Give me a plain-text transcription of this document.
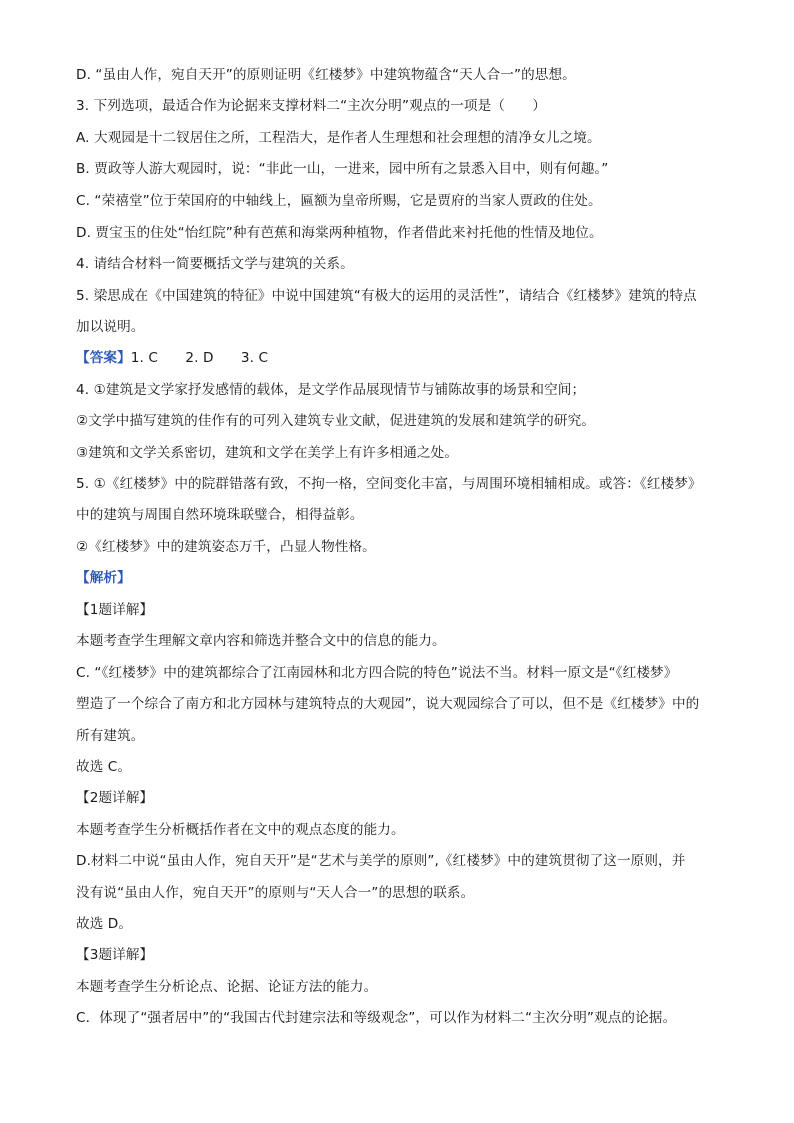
D. “虽由人作，宛自天开”的原则证明《红楼梦》中建筑物蕴含“天人合一”的思想。
3. 下列选项，最适合作为论据来支撑材料二“主次分明”观点的一项是（　　）
A. 大观园是十二钗居住之所，工程浩大，是作者人生理想和社会理想的清净女儿之境。
B. 贾政等人游大观园时，说：“非此一山，一进来，园中所有之景悉入目中，则有何趣。”
C. “荣禧堂”位于荣国府的中轴线上，匾额为皇帝所赐，它是贾府的当家人贾政的住处。
D. 贾宝玉的住处“怡红院”种有芭蕉和海棠两种植物，作者借此来衬托他的性情及地位。
4. 请结合材料一简要概括文学与建筑的关系。
5. 梁思成在《中国建筑的特征》中说中国建筑“有极大的运用的灵活性”，请结合《红楼梦》建筑的特点
加以说明。
【答案】1. C　　2. D　　3. C
4. ①建筑是文学家抒发感情的载体，是文学作品展现情节与铺陈故事的场景和空间；
②文学中描写建筑的佳作有的可列入建筑专业文献，促进建筑的发展和建筑学的研究。
③建筑和文学关系密切，建筑和文学在美学上有许多相通之处。
5. ①《红楼梦》中的院群错落有致，不拘一格，空间变化丰富，与周围环境相辅相成。或答：《红楼梦》
中的建筑与周围自然环境珠联璧合，相得益彰。
②《红楼梦》中的建筑姿态万千，凸显人物性格。
【解析】
【1题详解】
本题考查学生理解文章内容和筛选并整合文中的信息的能力。
C. “《红楼梦》中的建筑都综合了江南园林和北方四合院的特色”说法不当。材料一原文是“《红楼梦》
塑造了一个综合了南方和北方园林与建筑特点的大观园”，说大观园综合了可以，但不是《红楼梦》中的
所有建筑。
故选 C。
【2题详解】
本题考查学生分析概括作者在文中的观点态度的能力。
D.材料二中说“虽由人作，宛自天开”是“艺术与美学的原则”,《红楼梦》中的建筑贯彻了这一原则，并
没有说“虽由人作，宛自天开”的原则与“天人合一”的思想的联系。
故选 D。
【3题详解】
本题考查学生分析论点、论据、论证方法的能力。
C．体现了“强者居中”的“我国古代封建宗法和等级观念”，可以作为材料二“主次分明”观点的论据。
